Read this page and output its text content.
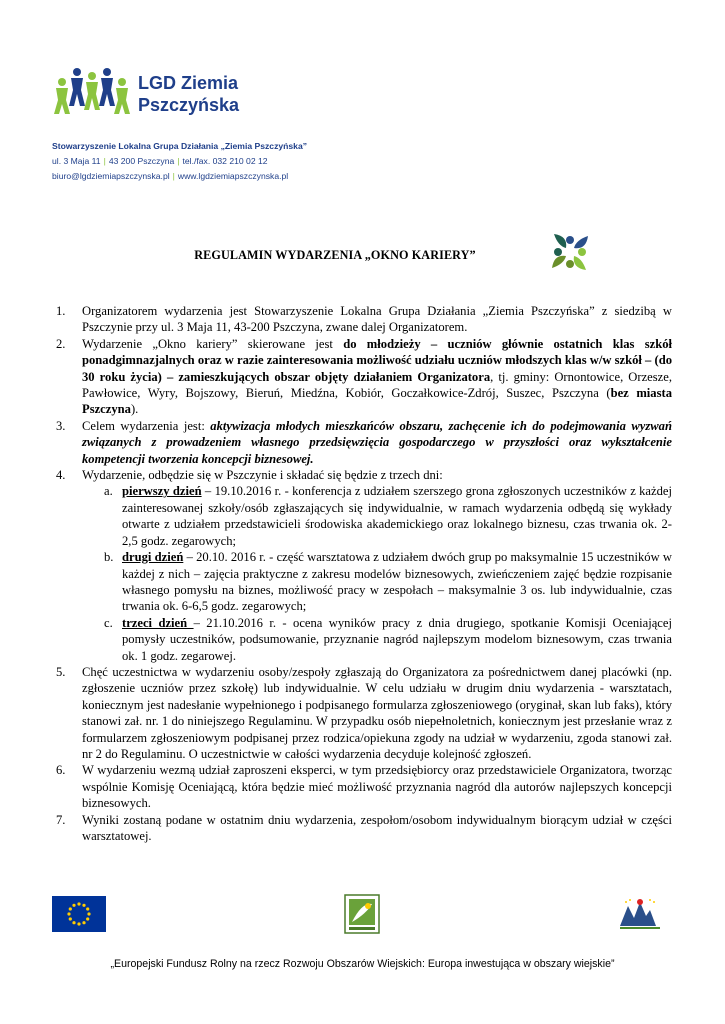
LGD Ziemia
Pszczyńska
Stowarzyszenie Lokalna Grupa Działania „Ziemia Pszczyńska”
ul. 3 Maja 11 | 43 200 Pszczyna | tel./fax. 032 210 02 12
biuro@lgdziemiapszczynska.pl | www.lgdziemiapszczynska.pl
REGULAMIN WYDARZENIA „OKNO KARIERY”
1. Organizatorem wydarzenia jest Stowarzyszenie Lokalna Grupa Działania „Ziemia Pszczyńska” z siedzibą w Pszczynie przy ul. 3 Maja 11, 43-200 Pszczyna, zwane dalej Organizatorem.
2. Wydarzenie „Okno kariery” skierowane jest do młodzieży – uczniów głównie ostatnich klas szkół ponadgimnazjalnych oraz w razie zainteresowania możliwość udziału uczniów młodszych klas w/w szkół – (do 30 roku życia) – zamieszkujących obszar objęty działaniem Organizatora, tj. gminy: Ornontowice, Orzesze, Pawłowice, Wyry, Bojszowy, Bieruń, Miedźna, Kobiór, Goczałkowice-Zdrój, Suszec, Pszczyna (bez miasta Pszczyna).
3. Celem wydarzenia jest: aktywizacja młodych mieszkańców obszaru, zachęcenie ich do podejmowania wyzwań związanych z prowadzeniem własnego przedsięwzięcia gospodarczego w przyszłości oraz wykształcenie kompetencji tworzenia koncepcji biznesowej.
4. Wydarzenie, odbędzie się w Pszczynie i składać się będzie z trzech dni:
a. pierwszy dzień – 19.10.2016 r. - konferencja z udziałem szerszego grona zgłoszonych uczestników z każdej zainteresowanej szkoły/osób zgłaszających się indywidualnie, w ramach wydarzenia odbędą się wykłady otwarte z udziałem przedstawicieli środowiska akademickiego oraz lokalnego biznesu, czas trwania ok. 2-2,5 godz. zegarowych;
b. drugi dzień – 20.10. 2016 r. - część warsztatowa z udziałem dwóch grup po maksymalnie 15 uczestników w każdej z nich – zajęcia praktyczne z zakresu modelów biznesowych, zwieńczeniem zajęć będzie rozpisanie własnego pomysłu na biznes, możliwość pracy w zespołach – maksymalnie 3 os. lub indywidualnie, czas trwania ok. 6-6,5 godz. zegarowych;
c. trzeci dzień – 21.10.2016 r. - ocena wyników pracy z dnia drugiego, spotkanie Komisji Oceniającej pomysły uczestników, podsumowanie, przyznanie nagród najlepszym modelom biznesowym, czas trwania ok. 1 godz. zegarowej.
5. Chęć uczestnictwa w wydarzeniu osoby/zespoły zgłaszają do Organizatora za pośrednictwem danej placówki (np. zgłoszenie uczniów przez szkołę) lub indywidualnie. W celu udziału w drugim dniu wydarzenia - warsztatach, koniecznym jest nadesłanie wypełnionego i podpisanego formularza zgłoszeniowego (oryginał, skan lub faks), który stanowi zał. nr. 1 do niniejszego Regulaminu. W przypadku osób niepełnoletnich, koniecznym jest przesłanie wraz z formularzem zgłoszeniowym podpisanej przez rodzica/opiekuna zgody na udział w wydarzeniu, zgoda stanowi zał. nr 2 do Regulaminu. O uczestnictwie w całości wydarzenia decyduje kolejność zgłoszeń.
6. W wydarzeniu wezmą udział zaproszeni eksperci, w tym przedsiębiorcy oraz przedstawiciele Organizatora, tworząc wspólnie Komisję Oceniającą, która będzie mieć możliwość przyznania nagród dla autorów najlepszych koncepcji biznesowych.
7. Wyniki zostaną podane w ostatnim dniu wydarzenia, zespołom/osobom indywidualnym biorącym udział w części warsztatowej.
„Europejski Fundusz Rolny na rzecz Rozwoju Obszarów Wiejskich: Europa inwestująca w obszary wiejskie”
